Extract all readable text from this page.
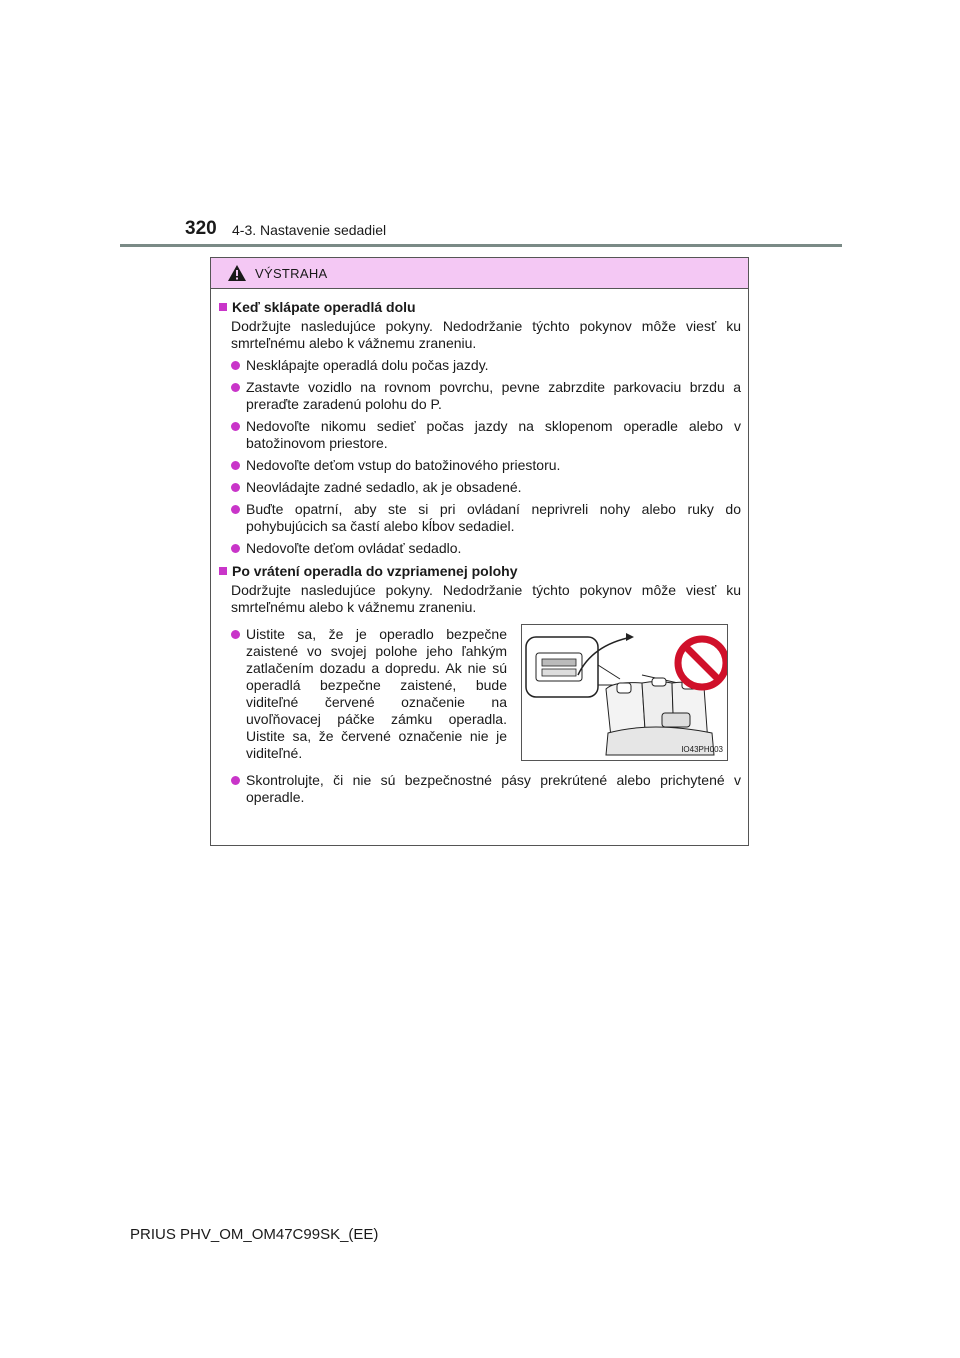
320 4-3. Nastavenie sedadiel
VÝSTRAHA
Keď sklápate operadlá dolu
Dodržujte nasledujúce pokyny. Nedodržanie týchto pokynov môže viesť ku smrteľnému alebo k vážnemu zraneniu.
Nesklápajte operadlá dolu počas jazdy.
Zastavte vozidlo na rovnom povrchu, pevne zabrzdite parkovaciu brzdu a preraďte zaradenú polohu do P.
Nedovoľte nikomu sedieť počas jazdy na sklopenom operadle alebo v batožinovom priestore.
Nedovoľte deťom vstup do batožinového priestoru.
Neovládajte zadné sedadlo, ak je obsadené.
Buďte opatrní, aby ste si pri ovládaní neprivreli nohy alebo ruky do pohybujúcich sa častí alebo kĺbov sedadiel.
Nedovoľte deťom ovládať sedadlo.
Po vrátení operadla do vzpriamenej polohy
Dodržujte nasledujúce pokyny. Nedodržanie týchto pokynov môže viesť ku smrteľnému alebo k vážnemu zraneniu.
Uistite sa, že je operadlo bezpečne zaistené vo svojej polohe jeho ľahkým zatlačením dozadu a dopredu. Ak nie sú operadlá bezpečne zaistené, bude viditeľné červené označenie na uvoľňovacej páčke zámku operadla. Uistite sa, že červené označenie nie je viditeľné.	IO43PH003
Skontrolujte, či nie sú bezpečnostné pásy prekrútené alebo prichytené v operadle.
PRIUS PHV_OM_OM47C99SK_(EE)
